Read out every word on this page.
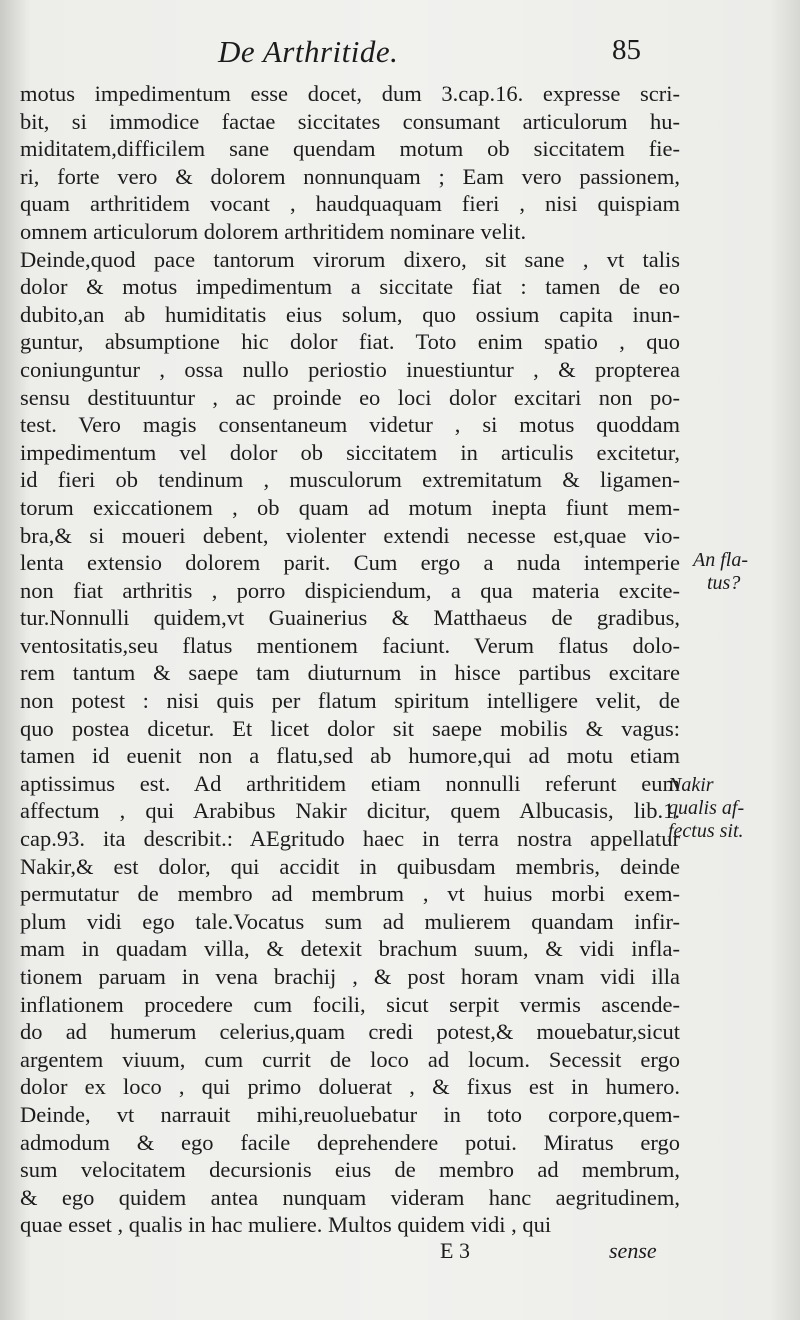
De Arthritide.	85
motus impedimentum esse docet, dum 3.cap.16. expresse scri-
bit, si immodice factae siccitates consumant articulorum hu-
miditatem,difficilem sane quendam motum ob siccitatem fie-
ri, forte vero & dolorem nonnunquam ; Eam vero passionem,
quam arthritidem vocant , haudquaquam fieri , nisi quispiam
omnem articulorum dolorem arthritidem nominare velit.
Deinde,quod pace tantorum virorum dixero, sit sane , vt talis
dolor & motus impedimentum a siccitate fiat : tamen de eo
dubito,an ab humiditatis eius solum, quo ossium capita inun-
guntur, absumptione hic dolor fiat. Toto enim spatio , quo
coniunguntur , ossa nullo periostio inuestiuntur , & propterea
sensu destituuntur , ac proinde eo loci dolor excitari non po-
test. Vero magis consentaneum videtur , si motus quoddam
impedimentum vel dolor ob siccitatem in articulis excitetur,
id fieri ob tendinum , musculorum extremitatum & ligamen-
torum exiccationem , ob quam ad motum inepta fiunt mem-
bra,& si moueri debent, violenter extendi necesse est,quae vio-
lenta extensio dolorem parit. Cum ergo a nuda intemperie
non fiat arthritis , porro dispiciendum, a qua materia excite-
tur.Nonnulli quidem,vt Guainerius & Matthaeus de gradibus,
ventositatis,seu flatus mentionem faciunt. Verum flatus dolo-
rem tantum & saepe tam diuturnum in hisce partibus excitare
non potest : nisi quis per flatum spiritum intelligere velit, de
quo postea dicetur. Et licet dolor sit saepe mobilis & vagus:
tamen id euenit non a flatu,sed ab humore,qui ad motu etiam
aptissimus est. Ad arthritidem etiam nonnulli referunt eum
affectum , qui Arabibus Nakir dicitur, quem Albucasis, lib.1.
cap.93. ita describit.: AEgritudo haec in terra nostra appellatur
Nakir,& est dolor, qui accidit in quibusdam membris, deinde
permutatur de membro ad membrum , vt huius morbi exem-
plum vidi ego tale.Vocatus sum ad mulierem quandam infir-
mam in quadam villa, & detexit brachum suum, & vidi infla-
tionem paruam in vena brachij , & post horam vnam vidi illa
inflationem procedere cum focili, sicut serpit vermis ascende-
do ad humerum celerius,quam credi potest,& mouebatur,sicut
argentem viuum, cum currit de loco ad locum. Secessit ergo
dolor ex loco , qui primo doluerat , & fixus est in humero.
Deinde, vt narrauit mihi,reuoluebatur in toto corpore,quem-
admodum & ego facile deprehendere potui. Miratus ergo
sum velocitatem decursionis eius de membro ad membrum,
& ego quidem antea nunquam videram hanc aegritudinem,
quae esset , qualis in hac muliere. Multos quidem vidi , qui
An fla-
tus?
Nakir
qualis af-
fectus sit.
E 3	sense
